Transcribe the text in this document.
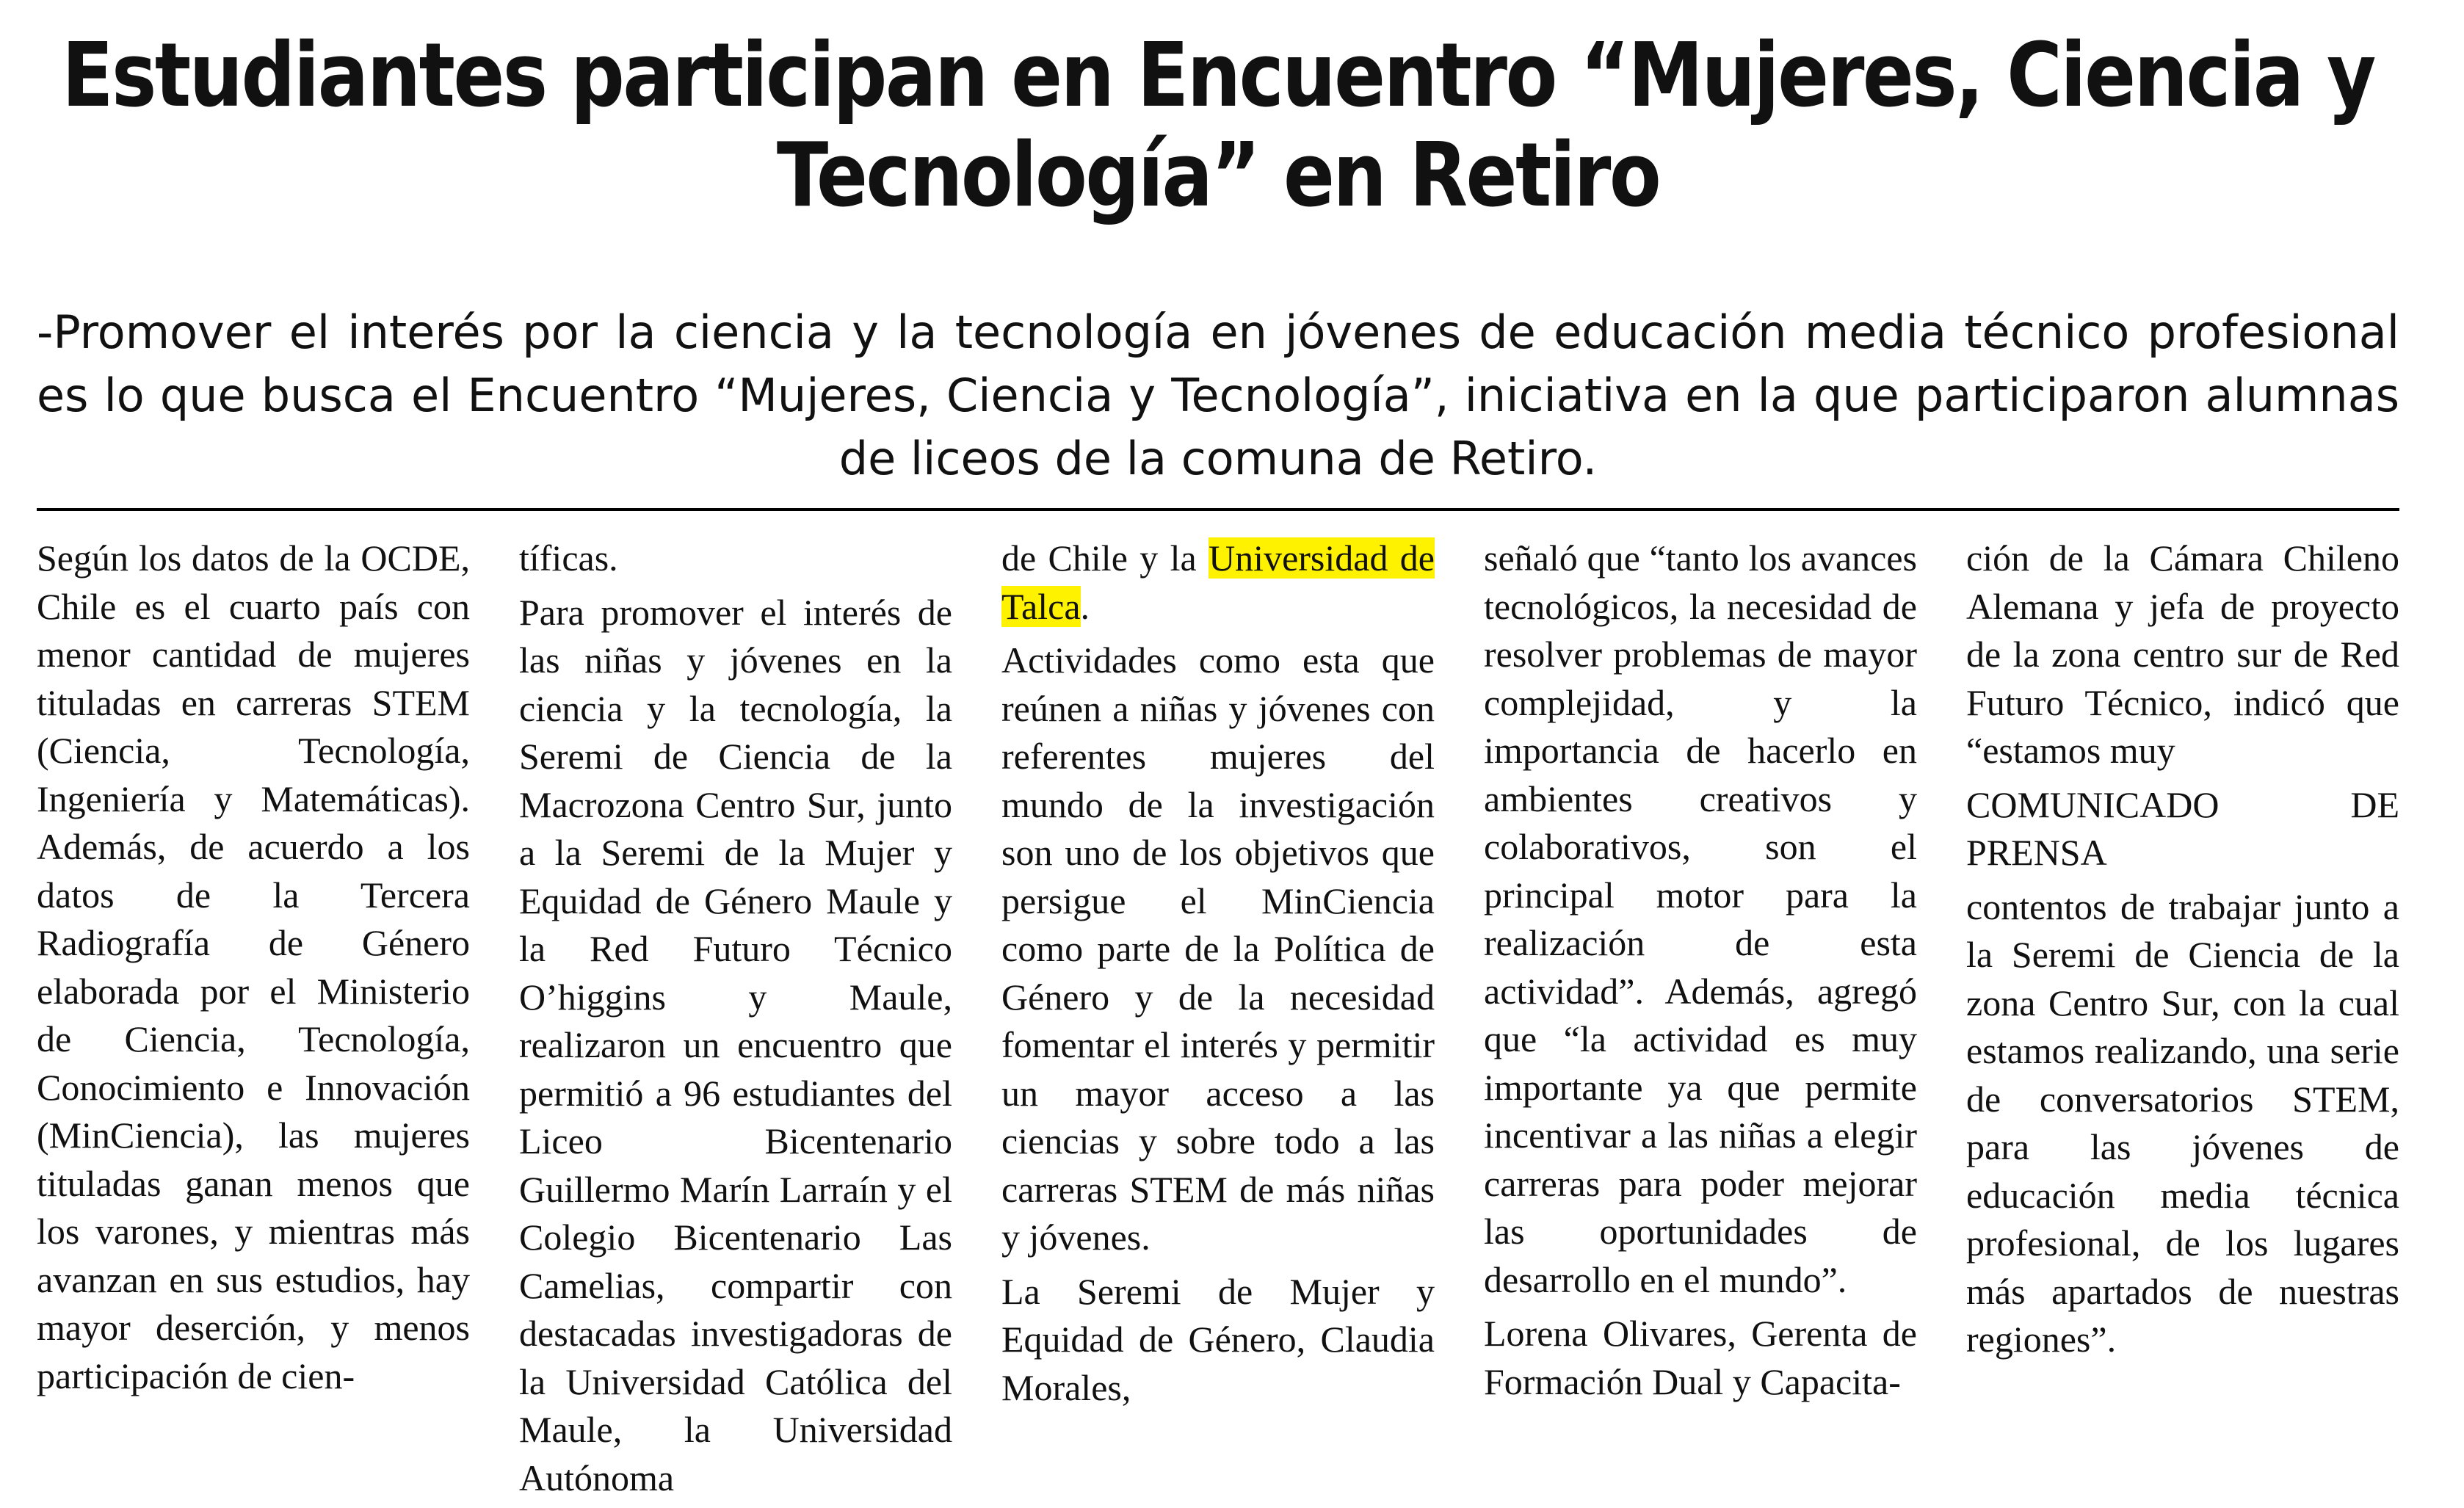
Estudiantes participan en Encuentro “Mujeres, Ciencia y Tecnología” en Retiro

-Promover el interés por la ciencia y la tecnología en jóvenes de educación media técnico profesional es lo que busca el Encuentro “Mujeres, Ciencia y Tecnología”, iniciativa en la que participaron alumnas de liceos de la comuna de Retiro.

Según los datos de la OCDE, Chile es el cuarto país con menor cantidad de mujeres tituladas en carreras STEM (Ciencia, Tecnología, Ingeniería y Matemáticas). Además, de acuerdo a los datos de la Tercera Radiografía de Género elaborada por el Ministerio de Ciencia, Tecnología, Conocimiento e Innovación (MinCiencia), las mujeres tituladas ganan menos que los varones, y mientras más avanzan en sus estudios, hay mayor deserción, y menos participación de cien-

tíficas.

Para promover el interés de las niñas y jóvenes en la ciencia y la tecnología, la Seremi de Ciencia de la Macrozona Centro Sur, junto a la Seremi de la Mujer y Equidad de Género Maule y la Red Futuro Técnico O’higgins y Maule, realizaron un encuentro que permitió a 96 estudiantes del Liceo Bicentenario Guillermo Marín Larraín y el Colegio Bicentenario Las Camelias, compartir con destacadas investigadoras de la Universidad Católica del Maule, la Universidad Autónoma

de Chile y la Universidad de Talca.

Actividades como esta que reúnen a niñas y jóvenes con referentes mujeres del mundo de la investigación son uno de los objetivos que persigue el MinCiencia como parte de la Política de Género y de la necesidad fomentar el interés y permitir un mayor acceso a las ciencias y sobre todo a las carreras STEM de más niñas y jóvenes.

La Seremi de Mujer y Equidad de Género, Claudia Morales,

señaló que “tanto los avances tecnológicos, la necesidad de resolver problemas de mayor complejidad, y la importancia de hacerlo en ambientes creativos y colaborativos, son el principal motor para la realización de esta actividad”. Además, agregó que “la actividad es muy importante ya que permite incentivar a las niñas a elegir carreras para poder mejorar las oportunidades de desarrollo en el mundo”.

Lorena Olivares, Gerenta de Formación Dual y Capacita-

ción de la Cámara Chileno Alemana y jefa de proyecto de la zona centro sur de Red Futuro Técnico, indicó que “estamos muy

COMUNICADO DE PRENSA

contentos de trabajar junto a la Seremi de Ciencia de la zona Centro Sur, con la cual estamos realizando, una serie de conversatorios STEM, para las jóvenes de educación media técnica profesional, de los lugares más apartados de nuestras regiones”.
